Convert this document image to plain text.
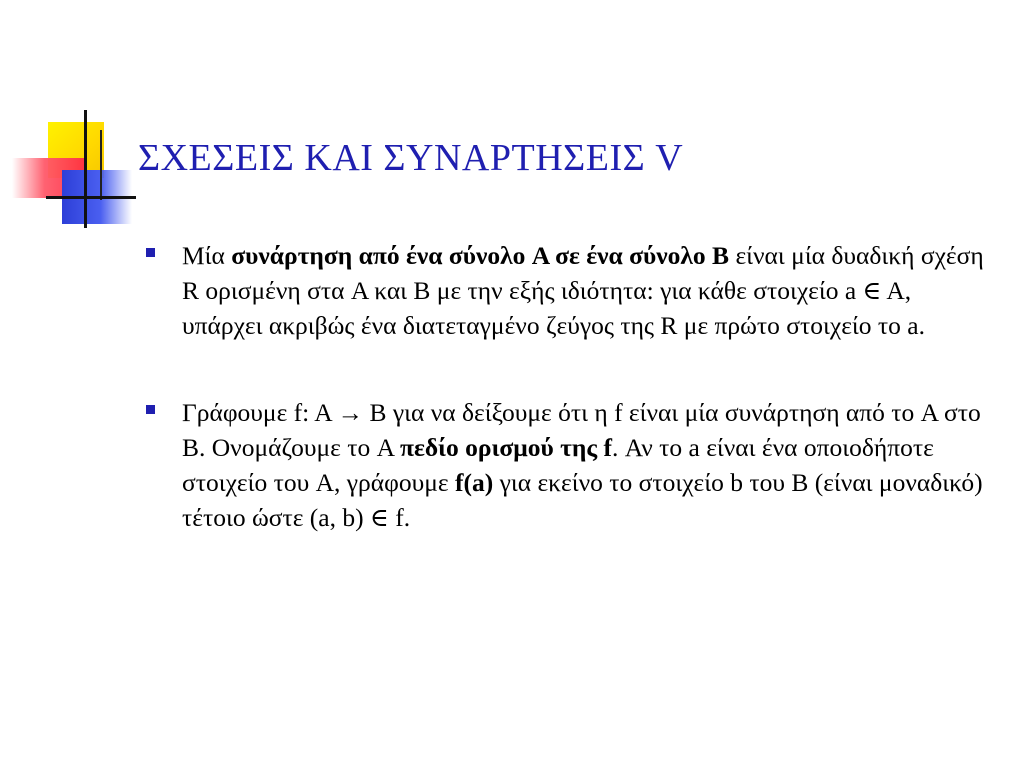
ΣΧΕΣΕΙΣ ΚΑΙ ΣΥΝΑΡΤΗΣΕΙΣ V
Μία συνάρτηση από ένα σύνολο A σε ένα σύνολο B είναι μία δυαδική σχέση R ορισμένη στα A και B με την εξής ιδιότητα: για κάθε στοιχείο a ∈ A, υπάρχει ακριβώς ένα διατεταγμένο ζεύγος της R με πρώτο στοιχείο το a.
Γράφουμε f: A → B για να δείξουμε ότι η f είναι μία συνάρτηση από το A στο B. Ονομάζουμε το A πεδίο ορισμού της f. Αν το a είναι ένα οποιοδήποτε στοιχείο του A, γράφουμε f(a) για εκείνο το στοιχείο b του B (είναι μοναδικό) τέτοιο ώστε (a, b) ∈ f.
